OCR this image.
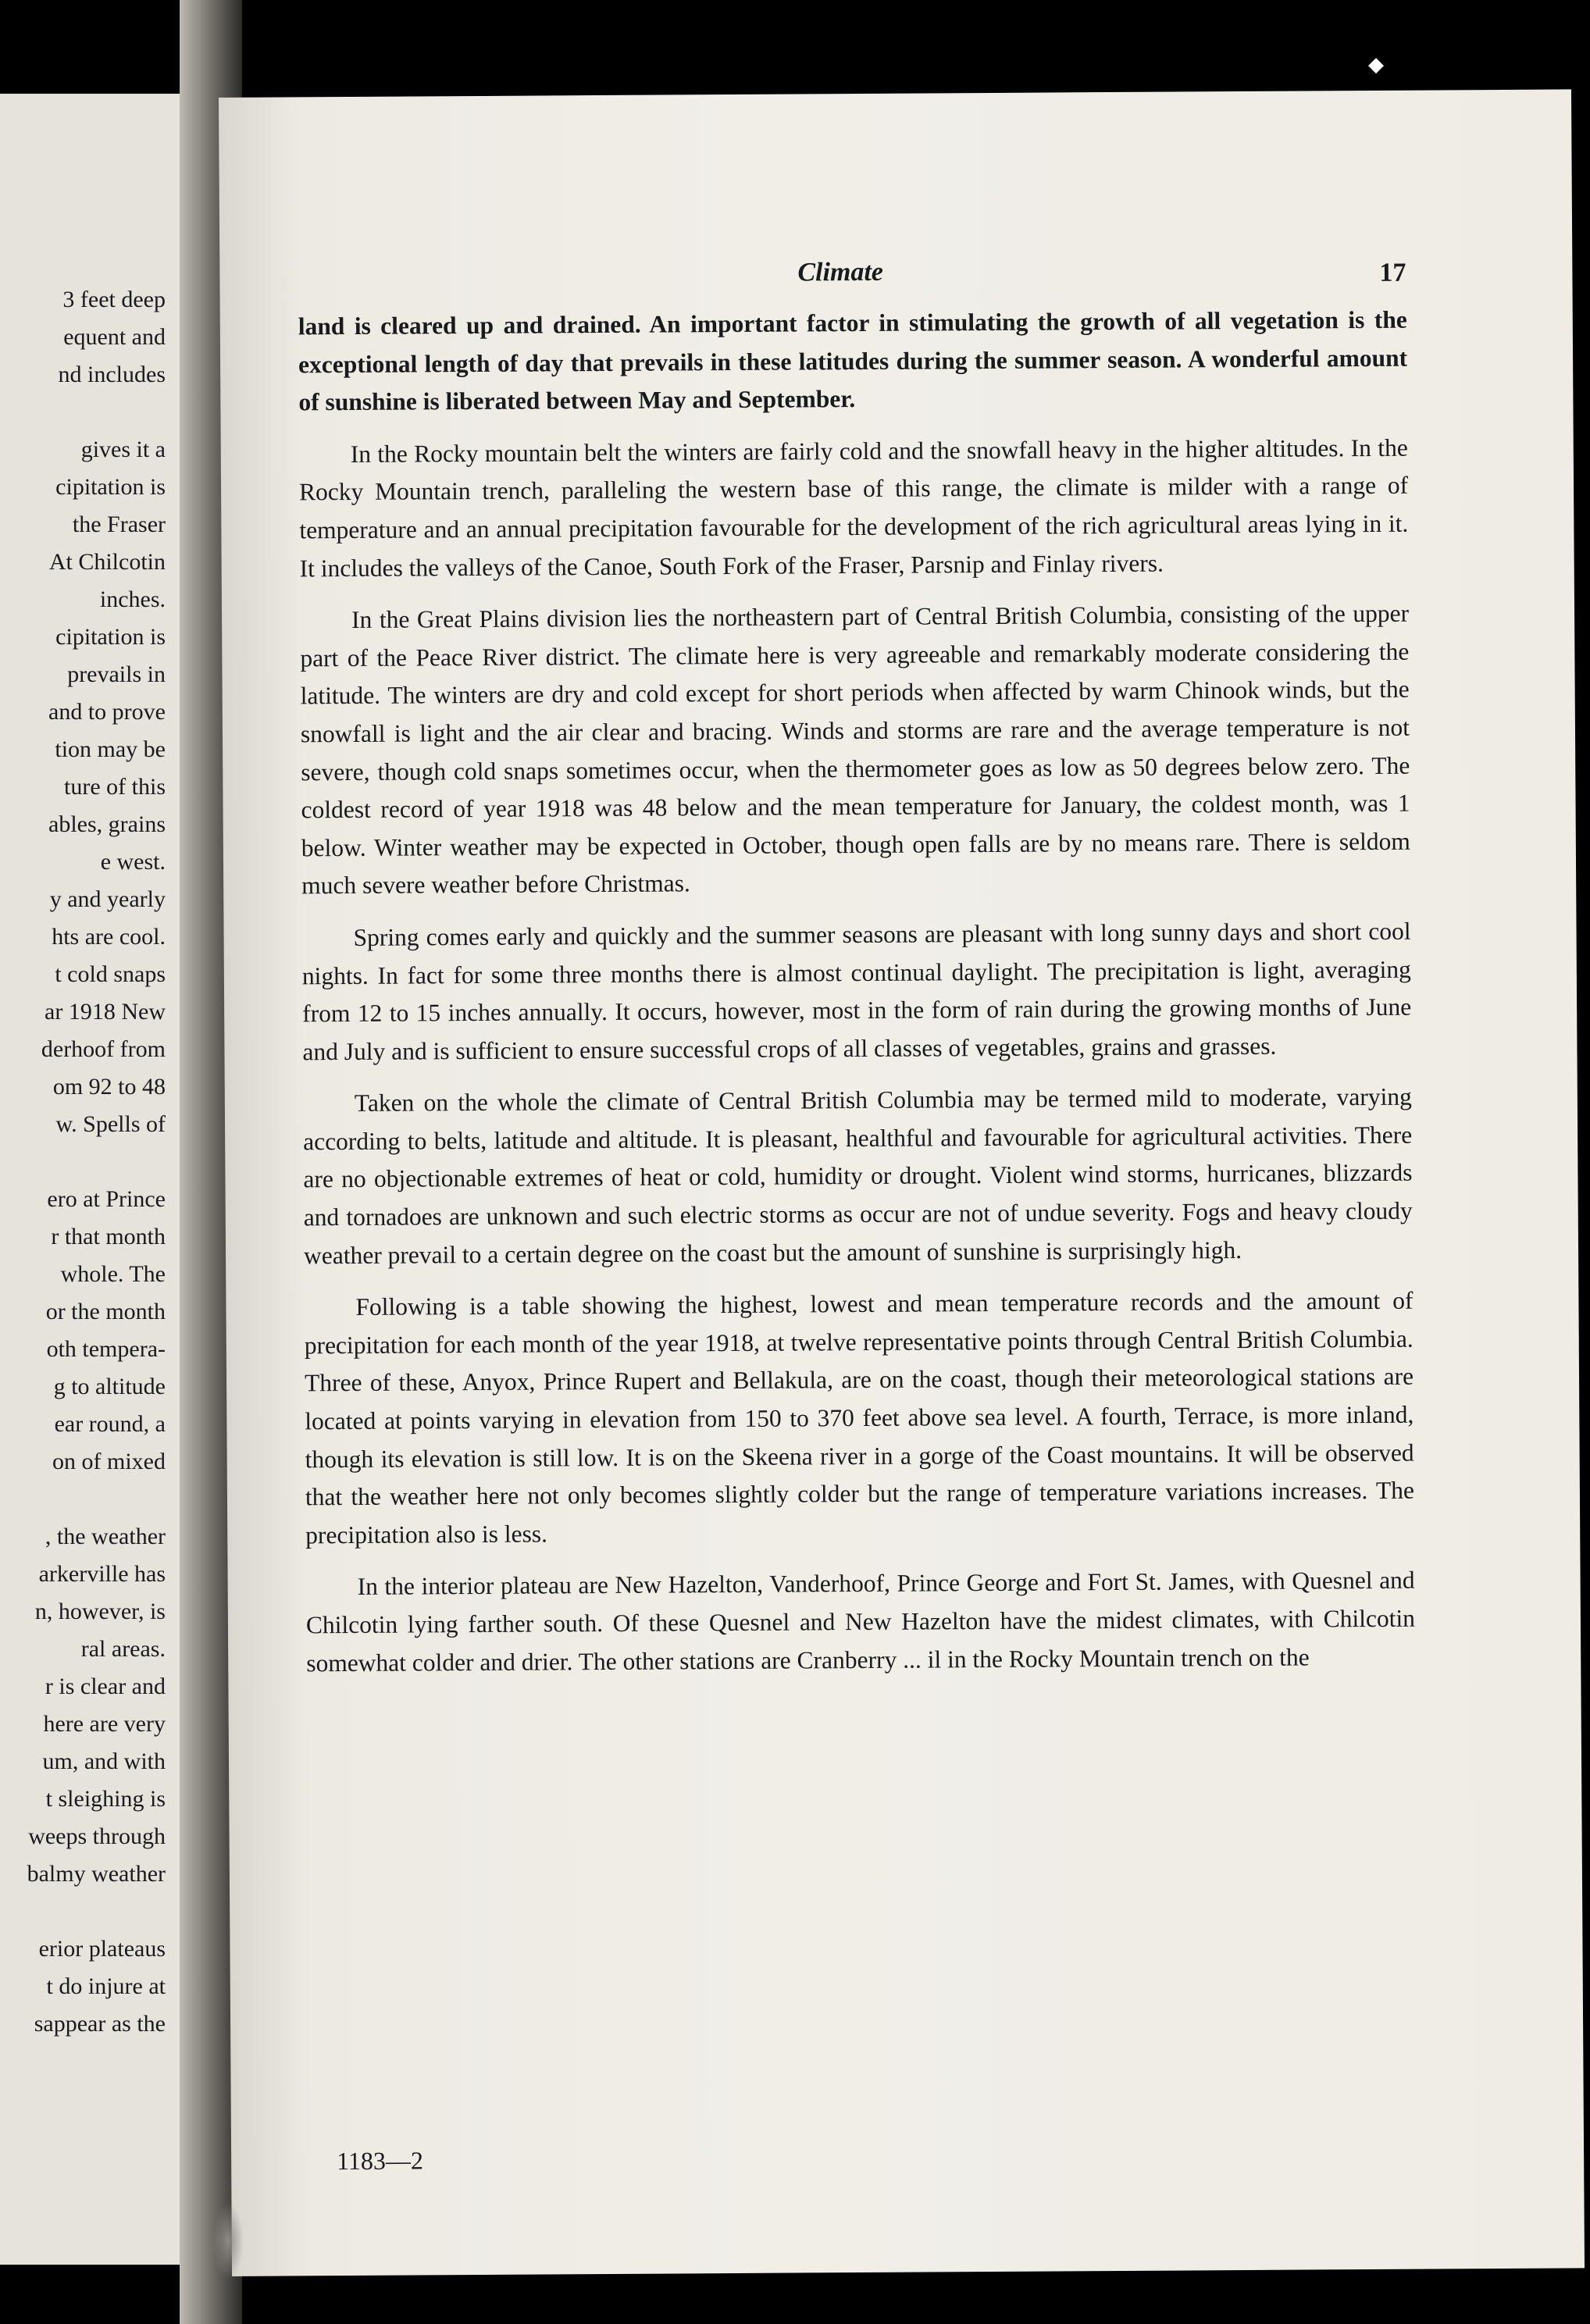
3 feet deep
equent and
nd includes
gives it a
cipitation is
the Fraser
At Chilcotin
inches.
cipitation is
prevails in
and to prove
tion may be
ture of this
ables, grains
e west.
y and yearly
hts are cool.
t cold snaps
ar 1918 New
derhoof from
om 92 to 48
w. Spells of
ero at Prince
r that month
whole. The
or the month
oth tempera-
g to altitude
ear round, a
on of mixed
, the weather
arkerville has
n, however, is
ral areas.
r is clear and
here are very
um, and with
t sleighing is
weeps through
balmy weather
erior plateaus
t do injure at
sappear as the
Climate	17

land is cleared up and drained. An important factor in stimulating the growth of all vegetation is the exceptional length of day that prevails in these latitudes during the summer season. A wonderful amount of sunshine is liberated between May and September.

In the Rocky mountain belt the winters are fairly cold and the snowfall heavy in the higher altitudes. In the Rocky Mountain trench, paralleling the western base of this range, the climate is milder with a range of temperature and an annual precipitation favourable for the development of the rich agricultural areas lying in it. It includes the valleys of the Canoe, South Fork of the Fraser, Parsnip and Finlay rivers.

In the Great Plains division lies the northeastern part of Central British Columbia, consisting of the upper part of the Peace River district. The climate here is very agreeable and remarkably moderate considering the latitude. The winters are dry and cold except for short periods when affected by warm Chinook winds, but the snowfall is light and the air clear and bracing. Winds and storms are rare and the average temperature is not severe, though cold snaps sometimes occur, when the thermometer goes as low as 50 degrees below zero. The coldest record of year 1918 was 48 below and the mean temperature for January, the coldest month, was 1 below. Winter weather may be expected in October, though open falls are by no means rare. There is seldom much severe weather before Christmas.

Spring comes early and quickly and the summer seasons are pleasant with long sunny days and short cool nights. In fact for some three months there is almost continual daylight. The precipitation is light, averaging from 12 to 15 inches annually. It occurs, however, most in the form of rain during the growing months of June and July and is sufficient to ensure successful crops of all classes of vegetables, grains and grasses.

Taken on the whole the climate of Central British Columbia may be termed mild to moderate, varying according to belts, latitude and altitude. It is pleasant, healthful and favourable for agricultural activities. There are no objectionable extremes of heat or cold, humidity or drought. Violent wind storms, hurricanes, blizzards and tornadoes are unknown and such electric storms as occur are not of undue severity. Fogs and heavy cloudy weather prevail to a certain degree on the coast but the amount of sunshine is surprisingly high.

Following is a table showing the highest, lowest and mean temperature records and the amount of precipitation for each month of the year 1918, at twelve representative points through Central British Columbia. Three of these, Anyox, Prince Rupert and Bellakula, are on the coast, though their meteorological stations are located at points varying in elevation from 150 to 370 feet above sea level. A fourth, Terrace, is more inland, though its elevation is still low. It is on the Skeena river in a gorge of the Coast mountains. It will be observed that the weather here not only becomes slightly colder but the range of temperature variations increases. The precipitation also is less.

In the interior plateau are New Hazelton, Vanderhoof, Prince George and Fort St. James, with Quesnel and Chilcotin lying farther south. Of these Quesnel and New Hazelton have the midest climates, with Chilcotin somewhat colder and drier. The other stations are Cranberry ... il in the Rocky Mountain trench on the

1183—2
◆
